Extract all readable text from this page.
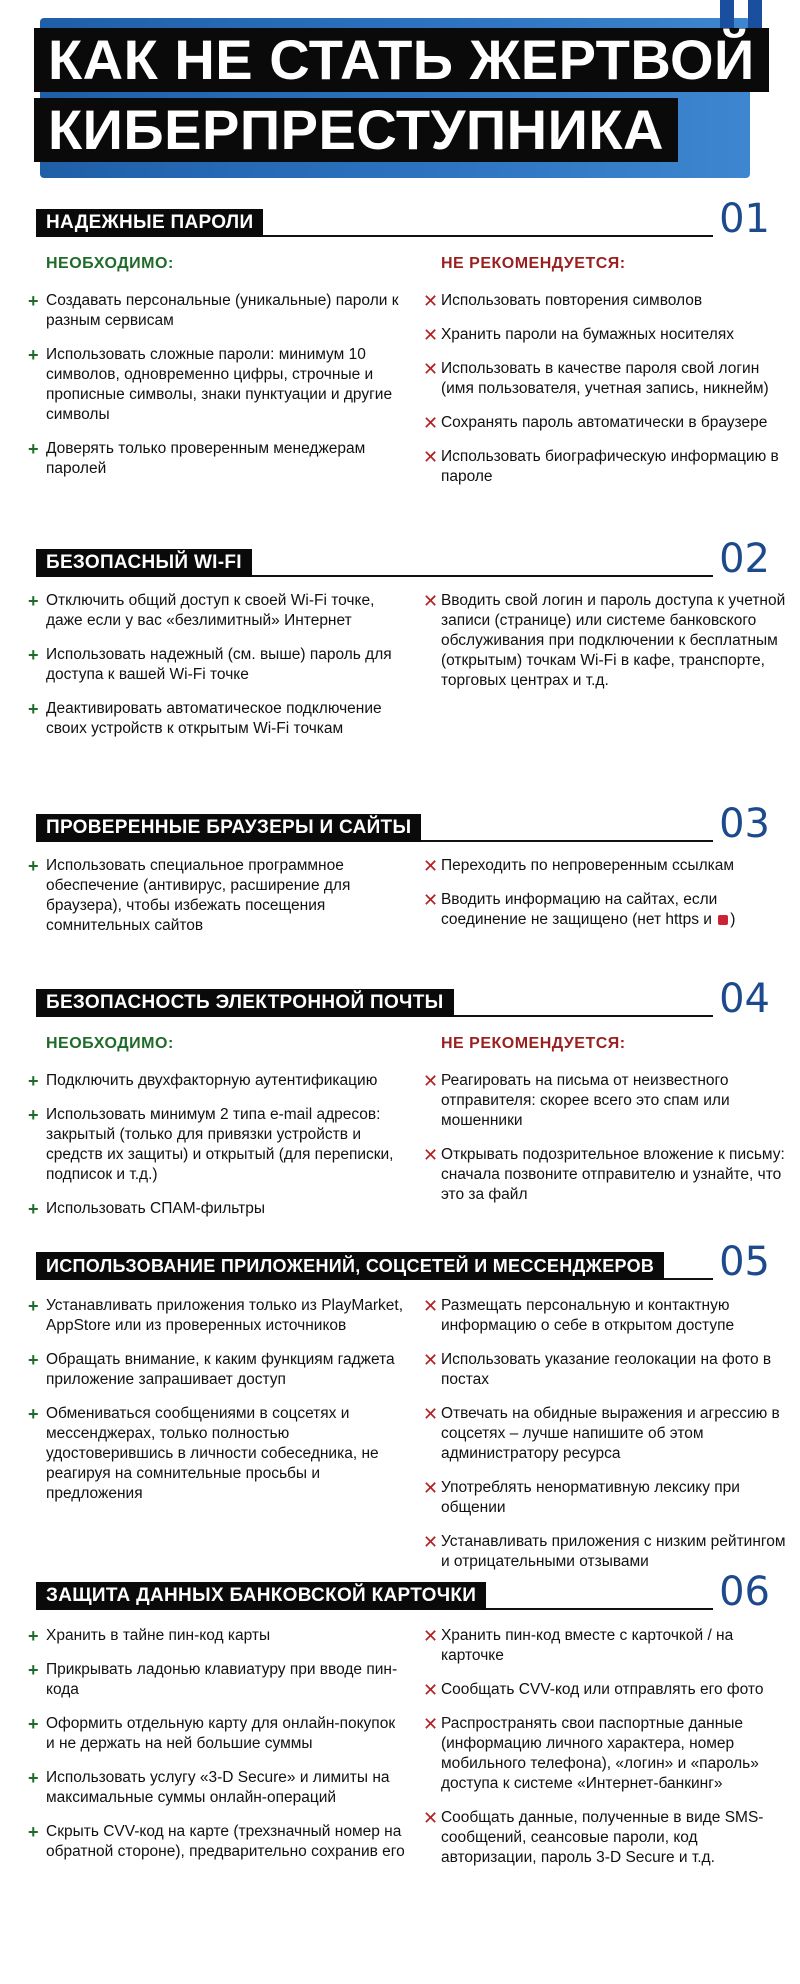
КАК НЕ СТАТЬ ЖЕРТВОЙ
КИБЕРПРЕСТУПНИКА
НАДЕЖНЫЕ ПАРОЛИ	01
НЕОБХОДИМО:
+ Создавать персональные (уникальные) пароли к разным сервисам
+ Использовать сложные пароли: минимум 10 символов, одновременно цифры, строчные и прописные символы, знаки пунктуации и другие символы
+ Доверять только проверенным менеджерам паролей
НЕ РЕКОМЕНДУЕТСЯ:
✕ Использовать повторения символов
✕ Хранить пароли на бумажных носителях
✕ Использовать в качестве пароля свой логин (имя пользователя, учетная запись, никнейм)
✕ Сохранять пароль автоматически в браузере
✕ Использовать биографическую информацию в пароле
БЕЗОПАСНЫЙ WI-FI	02
+ Отключить общий доступ к своей Wi-Fi точке, даже если у вас «безлимитный» Интернет
+ Использовать надежный (см. выше) пароль для доступа к вашей Wi-Fi точке
+ Деактивировать автоматическое подключение своих устройств к открытым Wi-Fi точкам
✕ Вводить свой логин и пароль доступа к учетной записи (странице) или системе банковского обслуживания при подключении к бесплатным (открытым) точкам Wi-Fi в кафе, транспорте, торговых центрах и т.д.
ПРОВЕРЕННЫЕ БРАУЗЕРЫ И САЙТЫ	03
+ Использовать специальное программное обеспечение (антивирус, расширение для браузера), чтобы избежать посещения сомнительных сайтов
✕ Переходить по непроверенным ссылкам
✕ Вводить информацию на сайтах, если соединение не защищено (нет https и )
БЕЗОПАСНОСТЬ ЭЛЕКТРОННОЙ ПОЧТЫ	04
НЕОБХОДИМО:
+ Подключить двухфакторную аутентификацию
+ Использовать минимум 2 типа e-mail адресов: закрытый (только для привязки устройств и средств их защиты) и открытый (для переписки, подписок и т.д.)
+ Использовать СПАМ-фильтры
НЕ РЕКОМЕНДУЕТСЯ:
✕ Реагировать на письма от неизвестного отправителя: скорее всего это спам или мошенники
✕ Открывать подозрительное вложение к письму: сначала позвоните отправителю и узнайте, что это за файл
ИСПОЛЬЗОВАНИЕ ПРИЛОЖЕНИЙ, СОЦСЕТЕЙ И МЕССЕНДЖЕРОВ 05
+ Устанавливать приложения только из PlayMarket, AppStore или из проверенных источников
+ Обращать внимание, к каким функциям гаджета приложение запрашивает доступ
+ Обмениваться сообщениями в соцсетях и мессенджерах, только полностью удостоверившись в личности собеседника, не реагируя на сомнительные просьбы и предложения
✕ Размещать персональную и контактную информацию о себе в открытом доступе
✕ Использовать указание геолокации на фото в постах
✕ Отвечать на обидные выражения и агрессию в соцсетях – лучше напишите об этом администратору ресурса
✕ Употреблять ненормативную лексику при общении
✕ Устанавливать приложения с низким рейтингом и отрицательными отзывами
ЗАЩИТА ДАННЫХ БАНКОВСКОЙ КАРТОЧКИ	06
+ Хранить в тайне пин-код карты
+ Прикрывать ладонью клавиатуру при вводе пин-кода
+ Оформить отдельную карту для онлайн-покупок и не держать на ней большие суммы
+ Использовать услугу «3-D Secure» и лимиты на максимальные суммы онлайн-операций
+ Скрыть CVV-код на карте (трехзначный номер на обратной стороне), предварительно сохранив его
✕ Хранить пин-код вместе с карточкой / на карточке
✕ Сообщать CVV-код или отправлять его фото
✕ Распространять свои паспортные данные (информацию личного характера, номер мобильного телефона), «логин» и «пароль» доступа к системе «Интернет-банкинг»
✕ Сообщать данные, полученные в виде SMS-сообщений, сеансовые пароли, код авторизации, пароль 3-D Secure и т.д.
